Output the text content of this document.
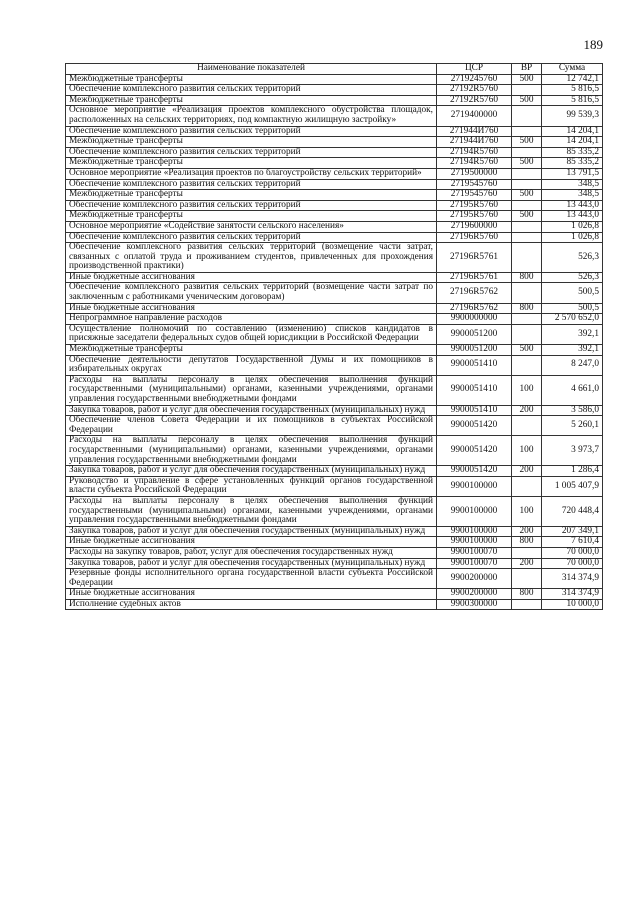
189
Наименование показателей	ЦСР	ВР	Сумма
Межбюджетные трансферты	2719245760	500	12 742,1
Обеспечение комплексного развития сельских территорий	27192R5760		5 816,5
Межбюджетные трансферты	27192R5760	500	5 816,5
Основное мероприятие «Реализация проектов комплексного обустройства площадок, расположенных на сельских территориях, под компактную жилищную застройку»	2719400000		99 539,3
Обеспечение комплексного развития сельских территорий	271944И760		14 204,1
Межбюджетные трансферты	271944И760	500	14 204,1
Обеспечение комплексного развития сельских территорий	27194R5760		85 335,2
Межбюджетные трансферты	27194R5760	500	85 335,2
Основное мероприятие «Реализация проектов по благоустройству сельских территорий»	2719500000		13 791,5
Обеспечение комплексного развития сельских территорий	2719545760		348,5
Межбюджетные трансферты	2719545760	500	348,5
Обеспечение комплексного развития сельских территорий	27195R5760		13 443,0
Межбюджетные трансферты	27195R5760	500	13 443,0
Основное мероприятие «Содействие занятости сельского населения»	2719600000		1 026,8
Обеспечение комплексного развития сельских территорий	27196R5760		1 026,8
Обеспечение комплексного развития сельских территорий (возмещение части затрат, связанных с оплатой труда и проживанием студентов, привлеченных для прохождения производственной практики)	27196R5761		526,3
Иные бюджетные ассигнования	27196R5761	800	526,3
Обеспечение комплексного развития сельских территорий (возмещение части затрат по заключенным с работниками ученическим договорам)	27196R5762		500,5
Иные бюджетные ассигнования	27196R5762	800	500,5
Непрограммное направление расходов	9900000000		2 570 652,0
Осуществление полномочий по составлению (изменению) списков кандидатов в присяжные заседатели федеральных судов общей юрисдикции в Российской Федерации	9900051200		392,1
Межбюджетные трансферты	9900051200	500	392,1
Обеспечение деятельности депутатов Государственной Думы и их помощников в избирательных округах	9900051410		8 247,0
Расходы на выплаты персоналу в целях обеспечения выполнения функций государственными (муниципальными) органами, казенными учреждениями, органами управления государственными внебюджетными фондами	9900051410	100	4 661,0
Закупка товаров, работ и услуг для обеспечения государственных (муниципальных) нужд	9900051410	200	3 586,0
Обеспечение членов Совета Федерации и их помощников в субъектах Российской Федерации	9900051420		5 260,1
Расходы на выплаты персоналу в целях обеспечения выполнения функций государственными (муниципальными) органами, казенными учреждениями, органами управления государственными внебюджетными фондами	9900051420	100	3 973,7
Закупка товаров, работ и услуг для обеспечения государственных (муниципальных) нужд	9900051420	200	1 286,4
Руководство и управление в сфере установленных функций органов государственной власти субъекта Российской Федерации	9900100000		1 005 407,9
Расходы на выплаты персоналу в целях обеспечения выполнения функций государственными (муниципальными) органами, казенными учреждениями, органами управления государственными внебюджетными фондами	9900100000	100	720 448,4
Закупка товаров, работ и услуг для обеспечения государственных (муниципальных) нужд	9900100000	200	207 349,1
Иные бюджетные ассигнования	9900100000	800	7 610,4
Расходы на закупку товаров, работ, услуг для обеспечения государственных нужд	9900100070		70 000,0
Закупка товаров, работ и услуг для обеспечения государственных (муниципальных) нужд	9900100070	200	70 000,0
Резервные фонды исполнительного органа государственной власти субъекта Российской Федерации	9900200000		314 374,9
Иные бюджетные ассигнования	9900200000	800	314 374,9
Исполнение судебных актов	9900300000		10 000,0
